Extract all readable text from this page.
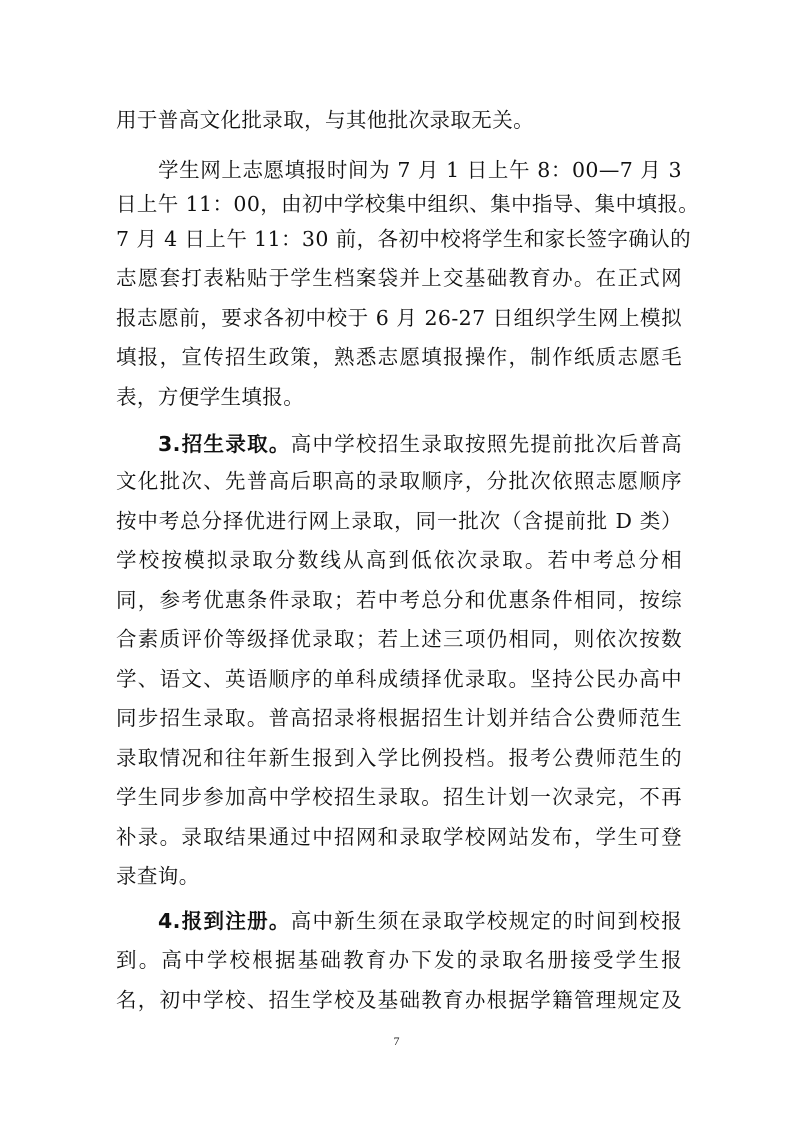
用于普高文化批录取，与其他批次录取无关。
学生网上志愿填报时间为 7 月 1 日上午 8：00—7 月 3
日上午 11：00，由初中学校集中组织、集中指导、集中填报。
7 月 4 日上午 11：30 前，各初中校将学生和家长签字确认的
志愿套打表粘贴于学生档案袋并上交基础教育办。在正式网
报志愿前，要求各初中校于 6 月 26-27 日组织学生网上模拟
填报，宣传招生政策，熟悉志愿填报操作，制作纸质志愿毛
表，方便学生填报。
3.招生录取。高中学校招生录取按照先提前批次后普高
文化批次、先普高后职高的录取顺序，分批次依照志愿顺序
按中考总分择优进行网上录取，同一批次（含提前批 D 类）
学校按模拟录取分数线从高到低依次录取。若中考总分相
同，参考优惠条件录取；若中考总分和优惠条件相同，按综
合素质评价等级择优录取；若上述三项仍相同，则依次按数
学、语文、英语顺序的单科成绩择优录取。坚持公民办高中
同步招生录取。普高招录将根据招生计划并结合公费师范生
录取情况和往年新生报到入学比例投档。报考公费师范生的
学生同步参加高中学校招生录取。招生计划一次录完，不再
补录。录取结果通过中招网和录取学校网站发布，学生可登
录查询。
4.报到注册。高中新生须在录取学校规定的时间到校报
到。高中学校根据基础教育办下发的录取名册接受学生报
名，初中学校、招生学校及基础教育办根据学籍管理规定及
7
